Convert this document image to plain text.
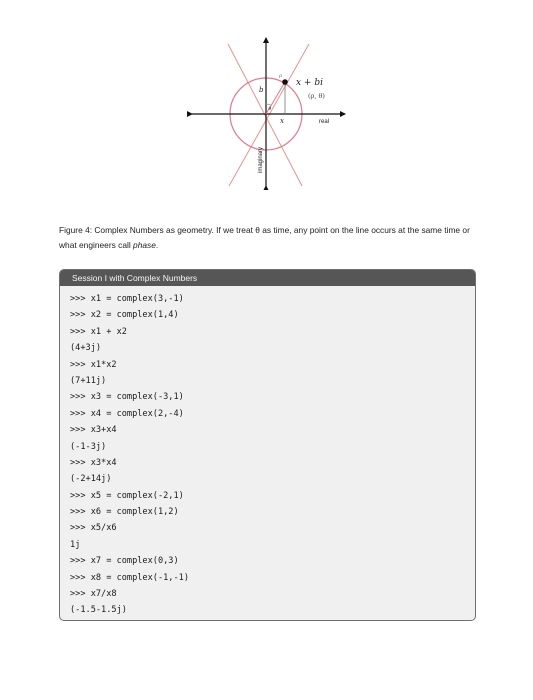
b
x
θ
ρ
x + bi
(ρ, θ)
real
imaginary
Figure 4: Complex Numbers as geometry. If we treat θ as time, any point on the line occurs at the same time or what engineers call phase.
Session I with Complex Numbers
>>> x1 = complex(3,-1)
>>> x2 = complex(1,4)
>>> x1 + x2
(4+3j)
>>> x1*x2
(7+11j)
>>> x3 = complex(-3,1)
>>> x4 = complex(2,-4)
>>> x3+x4
(-1-3j)
>>> x3*x4
(-2+14j)
>>> x5 = complex(-2,1)
>>> x6 = complex(1,2)
>>> x5/x6
1j
>>> x7 = complex(0,3)
>>> x8 = complex(-1,-1)
>>> x7/x8
(-1.5-1.5j)
